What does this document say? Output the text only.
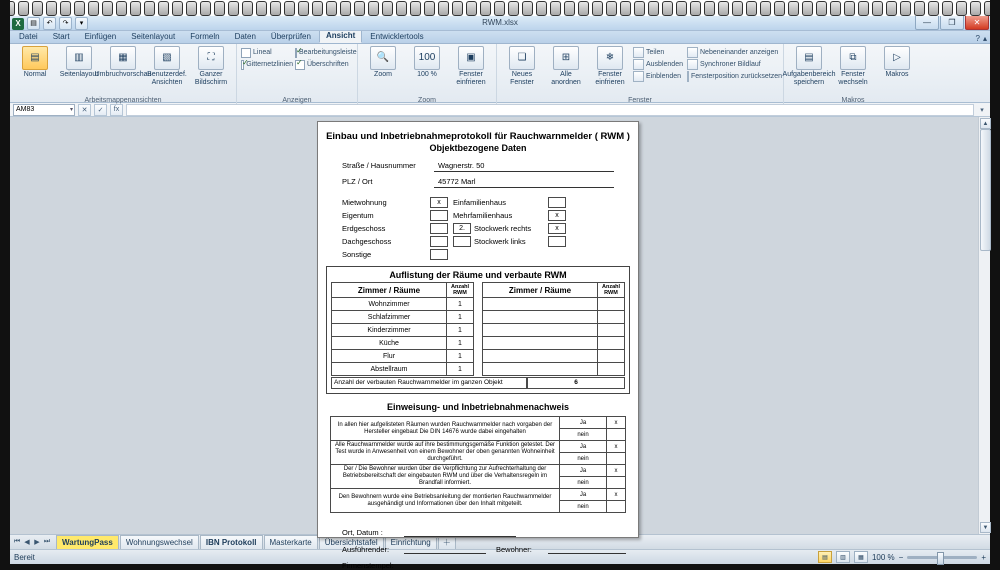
X	▤	↶	↷	▾	RWM.xlsx	—	❐	✕
Datei	Start	Einfügen	Seitenlayout	Formeln	Daten	Überprüfen	Ansicht	Entwicklertools	? ▴
▤
Normal
▥
Seitenlayout
▦
Umbruchvorschau
▧
Benutzerdef. Ansichten
⛶
Ganzer Bildschirm
Arbeitsmappenansichten
Lineal
✓
Gitternetzlinien
✓
Bearbeitungsleiste
✓
Überschriften
Anzeigen
🔍
Zoom
100
100 %
▣
Fenster einfrieren
Zoom
❏
Neues Fenster
⊞
Alle anordnen
❄
Fenster einfrieren
Teilen
Ausblenden
Einblenden
Nebeneinander anzeigen
Synchroner Bildlauf
Fensterposition zurücksetzen
Fenster
▤
Aufgabenbereich speichern
⧉
Fenster wechseln
▷
Makros
Makros
AM83	▾	✕	✓	fx	▾
Einbau und Inbetriebnahmeprotokoll für Rauchwarnmelder ( RWM )
Objektbezogene Daten
Straße / Hausnummer	Wagnerstr. 50
PLZ / Ort	45772 Marl
Mietwohnung	x	Einfamilienhaus
Eigentum	Mehrfamilienhaus	x
Erdgeschoss	2.	Stockwerk rechts	x
Dachgeschoss	Stockwerk links
Sonstige
Auflistung der Räume und verbaute RWM
Zimmer / Räume	Anzahl RWM		Zimmer / Räume	Anzahl RWM
Wohnzimmer	1			
Schlafzimmer	1			
Kinderzimmer	1			
Küche	1			
Flur	1			
Abstellraum	1			
Anzahl der verbauten Rauchwarnmelder im ganzen Objekt	6
Einweisung- und Inbetriebnahmenachweis
In allen hier aufgelisteten Räumen wurden Rauchwarnmelder nach vorgaben der Hersteller eingebaut Die DIN 14676 wurde dabei eingehalten	Ja	x
	nein	
Alle Rauchwarnmelder wurde auf ihre bestimmungsgemäße Funktion getestet. Der Test wurde in Anwesenheit von einem Bewohner der oben genannten Wohneinheit durchgeführt.	Ja	x
	nein	
Der / Die Bewohner wurden über die Verpflichtung zur Aufrechterhaltung der Betriebsbereitschaft der eingebauten RWM und über die Verhaltensregeln im Brandfall informiert.	Ja	x
	nein	
Den Bewohnern wurde eine Betriebsanleitung der montierten Rauchwarnmelder ausgehändigt und Informationen über den Inhalt mitgeteilt.	Ja	x
	nein	
Ort, Datum :
Ausführender:	Bewohner:
Firmenstempel:
▲
▼
⏮ ◀ ▶ ⏭	WartungPass	Wohnungswechsel	IBN Protokoll	Masterkarte	Übersichtstafel	Einrichtung	＋
Bereit	▤	▥	▦	100 % −	+
